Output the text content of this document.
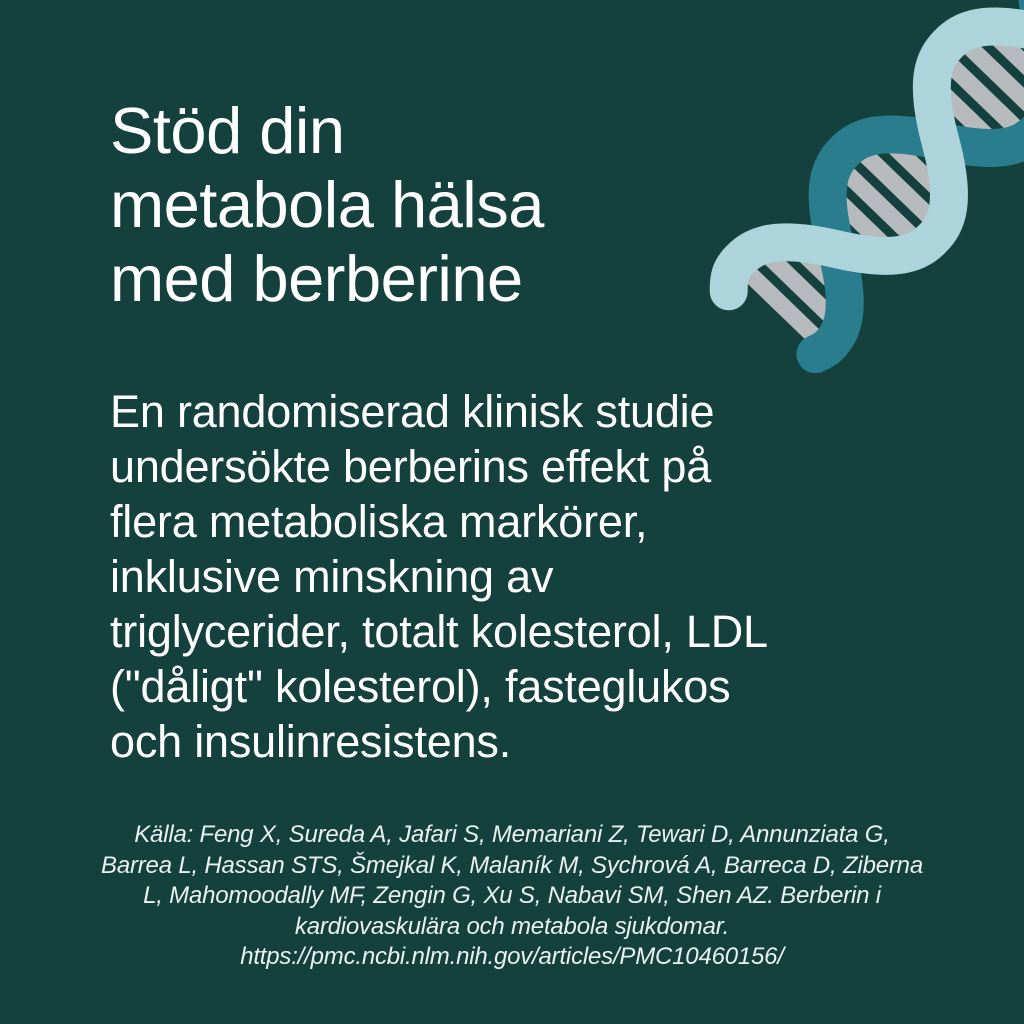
Stöd din
metabola hälsa
med berberine
En randomiserad klinisk studie
undersökte berberins effekt på
flera metaboliska markörer,
inklusive minskning av
triglycerider, totalt kolesterol, LDL
("dåligt" kolesterol), fasteglukos
och insulinresistens.
Källa: Feng X, Sureda A, Jafari S, Memariani Z, Tewari D, Annunziata G,
Barrea L, Hassan STS, Šmejkal K, Malaník M, Sychrová A, Barreca D, Ziberna
L, Mahomoodally MF, Zengin G, Xu S, Nabavi SM, Shen AZ. Berberin i
kardiovaskulära och metabola sjukdomar.
https://pmc.ncbi.nlm.nih.gov/articles/PMC10460156/
